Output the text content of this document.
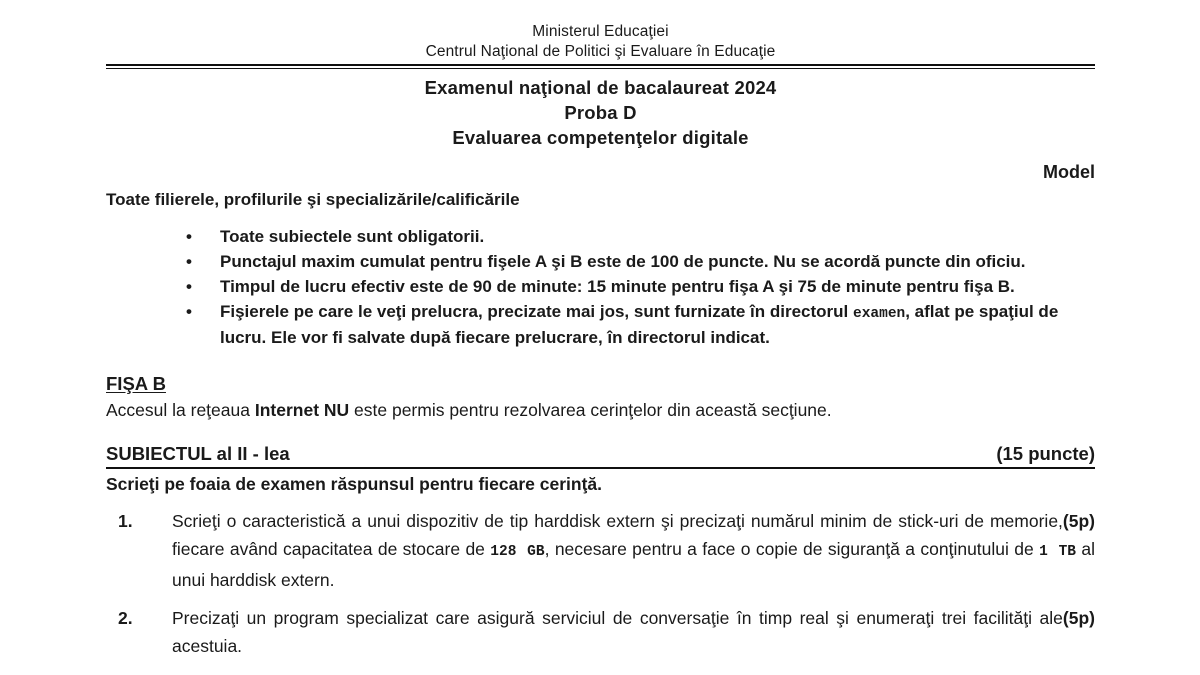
Ministerul Educaţiei
Centrul Naţional de Politici şi Evaluare în Educaţie
Examenul naţional de bacalaureat 2024
Proba D
Evaluarea competenţelor digitale
Model
Toate filierele, profilurile şi specializările/calificările
• Toate subiectele sunt obligatorii.
• Punctajul maxim cumulat pentru fişele A şi B este de 100 de puncte. Nu se acordă puncte din oficiu.
• Timpul de lucru efectiv este de 90 de minute: 15 minute pentru fişa A şi 75 de minute pentru fişa B.
• Fişierele pe care le veţi prelucra, precizate mai jos, sunt furnizate în directorul examen, aflat pe spaţiul de lucru. Ele vor fi salvate după fiecare prelucrare, în directorul indicat.
FIŞA B
Accesul la reţeaua Internet NU este permis pentru rezolvarea cerinţelor din această secţiune.
SUBIECTUL al II - lea	(15 puncte)
Scrieţi pe foaia de examen răspunsul pentru fiecare cerinţă.
1.	(5p)
Scrieţi o caracteristică a unui dispozitiv de tip harddisk extern şi precizaţi numărul minim de stick-uri de memorie, fiecare având capacitatea de stocare de 128 GB, necesare pentru a face o copie de siguranţă a conţinutului de 1 TB al unui harddisk extern.
2.	(5p)
Precizaţi un program specializat care asigură serviciul de conversaţie în timp real şi enumeraţi trei facilităţi ale acestuia.
